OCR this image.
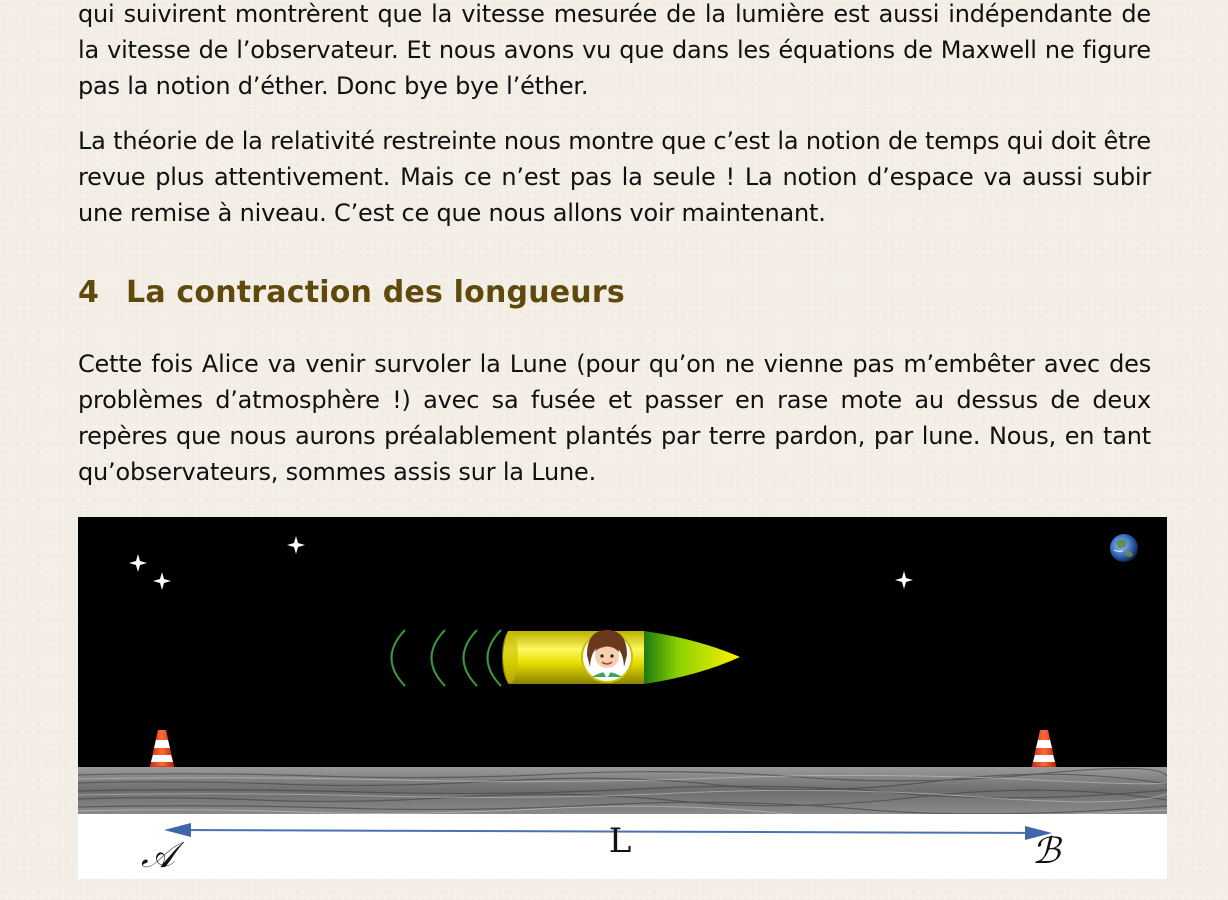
qui suivirent montrèrent que la vitesse mesurée de la lumière est aussi indépendante de la vitesse de l’observateur. Et nous avons vu que dans les équations de Maxwell ne figure pas la notion d’éther. Donc bye bye l’éther.

La théorie de la relativité restreinte nous montre que c’est la notion de temps qui doit être revue plus attentivement. Mais ce n’est pas la seule ! La notion d’espace va aussi subir une remise à niveau. C’est ce que nous allons voir maintenant.

4 La contraction des longueurs

Cette fois Alice va venir survoler la Lune (pour qu’on ne vienne pas m’embêter avec des problèmes d’atmosphère !) avec sa fusée et passer en rase mote au dessus de deux repères que nous aurons préalablement plantés par terre pardon, par lune. Nous, en tant qu’observateurs, sommes assis sur la Lune.

L
𝒜	ℬ
